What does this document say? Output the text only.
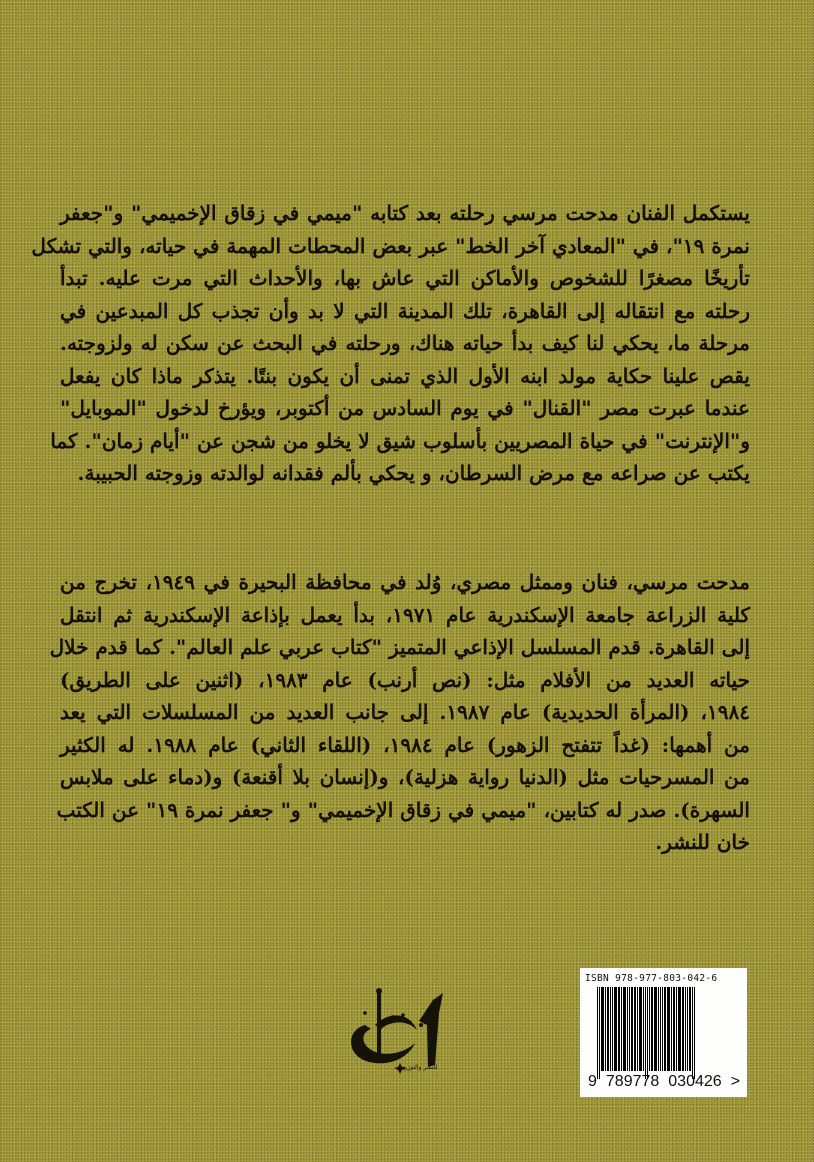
يستكمل الفنان مدحت مرسي رحلته بعد كتابه "ميمي في زقاق الإخميمي" و"جعفر
نمرة ١٩"، في "المعادي آخر الخط" عبر بعض المحطات المهمة في حياته، والتي تشكل
تأريخًا مصغرًا للشخوص والأماكن التي عاش بها، والأحداث التي مرت عليه. تبدأ
رحلته مع انتقاله إلى القاهرة، تلك المدينة التي لا بد وأن تجذب كل المبدعين في
مرحلة ما، يحكي لنا كيف بدأ حياته هناك، ورحلته في البحث عن سكن له ولزوجته.
يقص علينا حكاية مولد ابنه الأول الذي تمنى أن يكون بنتًا. يتذكر ماذا كان يفعل
عندما عبرت مصر "القنال" في يوم السادس من أكتوبر، ويؤرخ لدخول "الموبايل"
و"الإنترنت" في حياة المصريين بأسلوب شيق لا يخلو من شجن عن "أيام زمان". كما
يكتب عن صراعه مع مرض السرطان، و يحكي بألم فقدانه لوالدته وزوجته الحبيبة.
مدحت مرسي، فنان وممثل مصري، وُلد في محافظة البحيرة في ١٩٤٩، تخرج من
كلية الزراعة جامعة الإسكندرية عام ١٩٧١، بدأ يعمل بإذاعة الإسكندرية ثم انتقل
إلى القاهرة. قدم المسلسل الإذاعي المتميز "كتاب عربي علم العالم". كما قدم خلال
حياته العديد من الأفلام مثل: (نص أرنب) عام ١٩٨٣، (اثنين على الطريق)
١٩٨٤، (المرأة الحديدية) عام ١٩٨٧. إلى جانب العديد من المسلسلات التي يعد
من أهمها: (غداً تتفتح الزهور) عام ١٩٨٤، (اللقاء الثاني) عام ١٩٨٨. له الكثير
من المسرحيات مثل (الدنيا رواية هزلية)، و(إنسان بلا أقنعة) و(دماء على ملابس
السهرة). صدر له كتابين، "ميمي في زقاق الإخميمي" و" جعفر نمرة ١٩" عن الكتب
خان للنشر.
للنشر والتوزيع
ISBN 978-977-803-042-6
9 789778 030426 >
